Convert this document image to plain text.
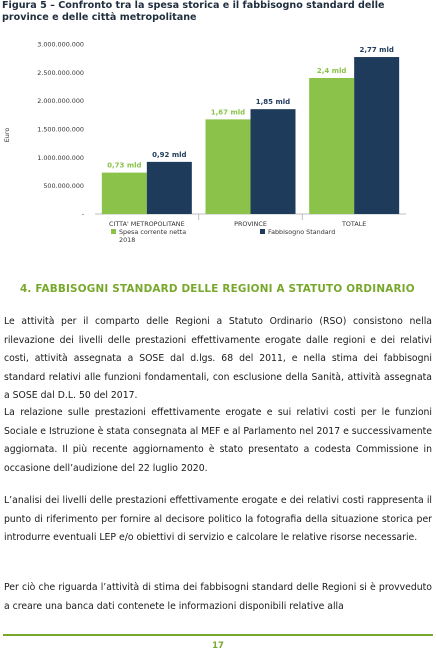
Figura 5 – Confronto tra la spesa storica e il fabbisogno standard delle province e delle città metropolitane
-
500.000.000
1.000.000.000
1.500.000.000
2.000.000.000
2.500.000.000
3.000.000.000
Euro
0,73 mld
0,92 mld
CITTA' METROPOLITANE
1,67 mld
1,85 mld
PROVINCE
2,4 mld
2,77 mld
TOTALE
Spesa corrente netta 2018
Fabbisogno Standard
4. FABBISOGNI STANDARD DELLE REGIONI A STATUTO ORDINARIO

Le attività per il comparto delle Regioni a Statuto Ordinario (RSO) consistono nella rilevazione dei livelli delle prestazioni effettivamente erogate dalle regioni e dei relativi costi, attività assegnata a SOSE dal d.lgs. 68 del 2011, e nella stima dei fabbisogni standard relativi alle funzioni fondamentali, con esclusione della Sanità, attività assegnata a SOSE dal D.L. 50 del 2017.

La relazione sulle prestazioni effettivamente erogate e sui relativi costi per le funzioni Sociale e Istruzione è stata consegnata al MEF e al Parlamento nel 2017 e successivamente aggiornata. Il più recente aggiornamento è stato presentato a codesta Commissione in occasione dell’audizione del 22 luglio 2020.

L’analisi dei livelli delle prestazioni effettivamente erogate e dei relativi costi rappresenta il punto di riferimento per fornire al decisore politico la fotografia della situazione storica per introdurre eventuali LEP e/o obiettivi di servizio e calcolare le relative risorse necessarie.

Per ciò che riguarda l’attività di stima dei fabbisogni standard delle Regioni si è provveduto a creare una banca dati contenete le informazioni disponibili relative alla

17
